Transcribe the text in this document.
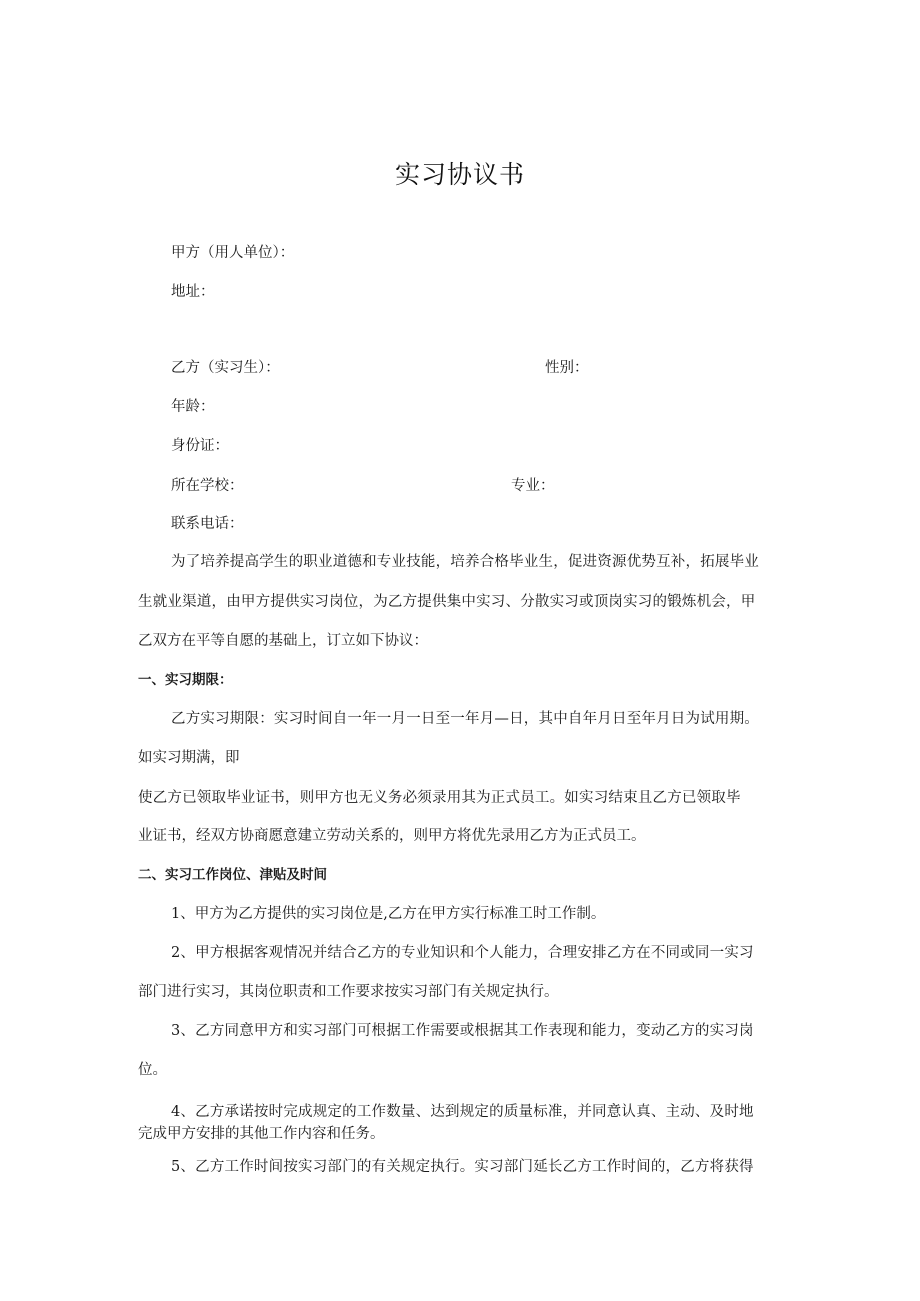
实习协议书
甲方（用人单位）：
地址：
乙方（实习生）：	性别：
年龄：
身份证：
所在学校：	专业：
联系电话：
为了培养提高学生的职业道德和专业技能，培养合格毕业生，促进资源优势互补，拓展毕业
生就业渠道，由甲方提供实习岗位，为乙方提供集中实习、分散实习或顶岗实习的锻炼机会，甲
乙双方在平等自愿的基础上，订立如下协议：
一、实习期限：
乙方实习期限：实习时间自一年一月一日至一年月—日，其中自年月日至年月日为试用期。
如实习期满，即
使乙方已领取毕业证书，则甲方也无义务必须录用其为正式员工。如实习结束且乙方已领取毕
业证书，经双方协商愿意建立劳动关系的，则甲方将优先录用乙方为正式员工。
二、实习工作岗位、津贴及时间
1、甲方为乙方提供的实习岗位是,乙方在甲方实行标准工时工作制。
2、甲方根据客观情况并结合乙方的专业知识和个人能力，合理安排乙方在不同或同一实习
部门进行实习，其岗位职责和工作要求按实习部门有关规定执行。
3、乙方同意甲方和实习部门可根据工作需要或根据其工作表现和能力，变动乙方的实习岗
位。
4、乙方承诺按时完成规定的工作数量、达到规定的质量标准，并同意认真、主动、及时地
完成甲方安排的其他工作内容和任务。
5、乙方工作时间按实习部门的有关规定执行。实习部门延长乙方工作时间的，乙方将获得
